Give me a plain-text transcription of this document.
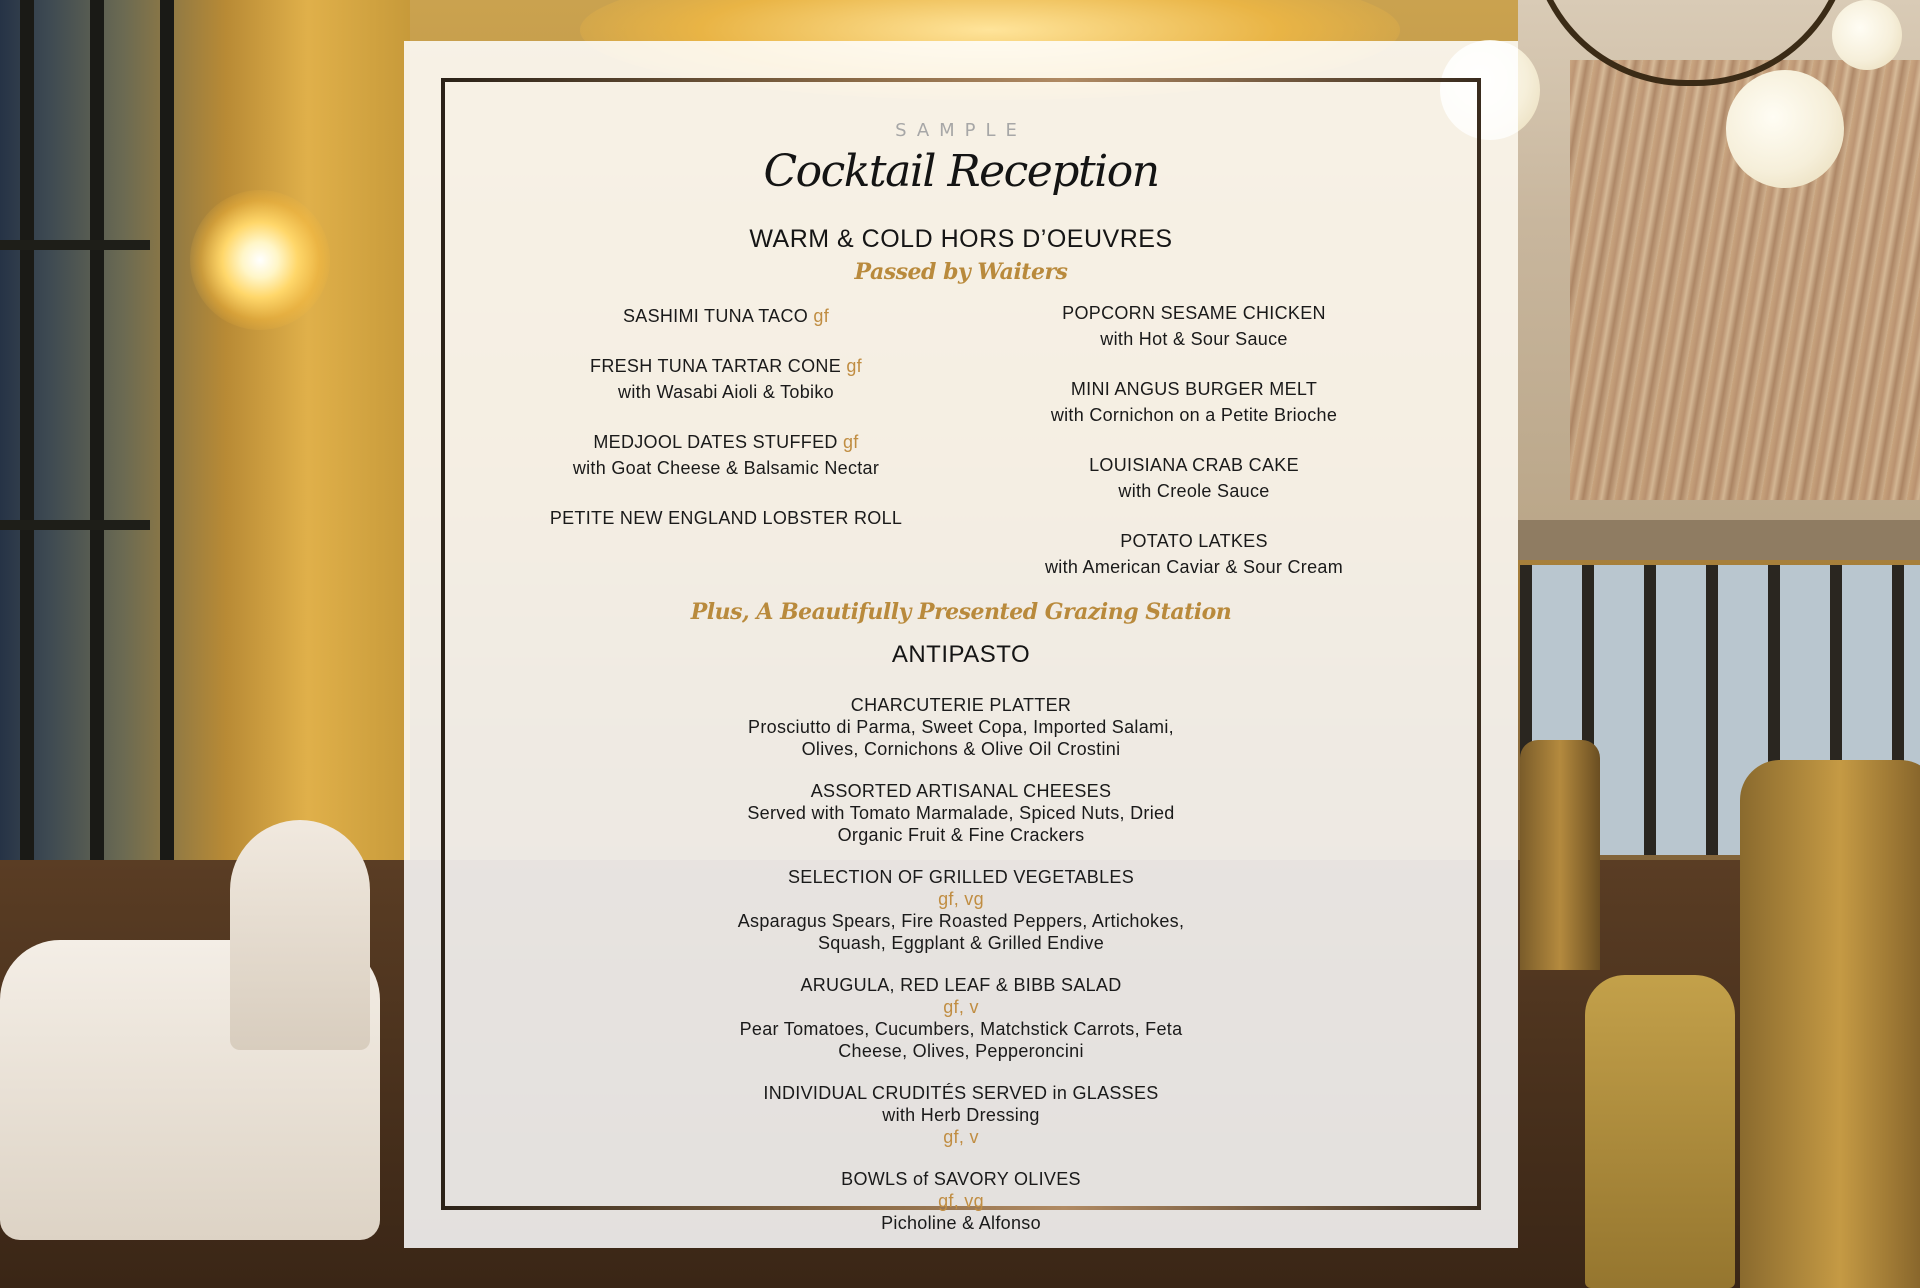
SAMPLE
Cocktail Reception
WARM & COLD HORS D’OEUVRES
Passed by Waiters
SASHIMI TUNA TACO gf
FRESH TUNA TARTAR CONE gf
with Wasabi Aioli & Tobiko
MEDJOOL DATES STUFFED gf
with Goat Cheese & Balsamic Nectar
PETITE NEW ENGLAND LOBSTER ROLL
POPCORN SESAME CHICKEN
with Hot & Sour Sauce
MINI ANGUS BURGER MELT
with Cornichon on a Petite Brioche
LOUISIANA CRAB CAKE
with Creole Sauce
POTATO LATKES
with American Caviar & Sour Cream
Plus, A Beautifully Presented Grazing Station
ANTIPASTO
CHARCUTERIE PLATTER
Prosciutto di Parma, Sweet Copa, Imported Salami,
Olives, Cornichons & Olive Oil Crostini
ASSORTED ARTISANAL CHEESES
Served with Tomato Marmalade, Spiced Nuts, Dried
Organic Fruit & Fine Crackers
SELECTION OF GRILLED VEGETABLES
gf, vg
Asparagus Spears, Fire Roasted Peppers, Artichokes,
Squash, Eggplant & Grilled Endive
ARUGULA, RED LEAF & BIBB SALAD
gf, v
Pear Tomatoes, Cucumbers, Matchstick Carrots, Feta
Cheese, Olives, Pepperoncini
INDIVIDUAL CRUDITÉS SERVED in GLASSES
with Herb Dressing
gf, v
BOWLS of SAVORY OLIVES
gf, vg
Picholine & Alfonso
